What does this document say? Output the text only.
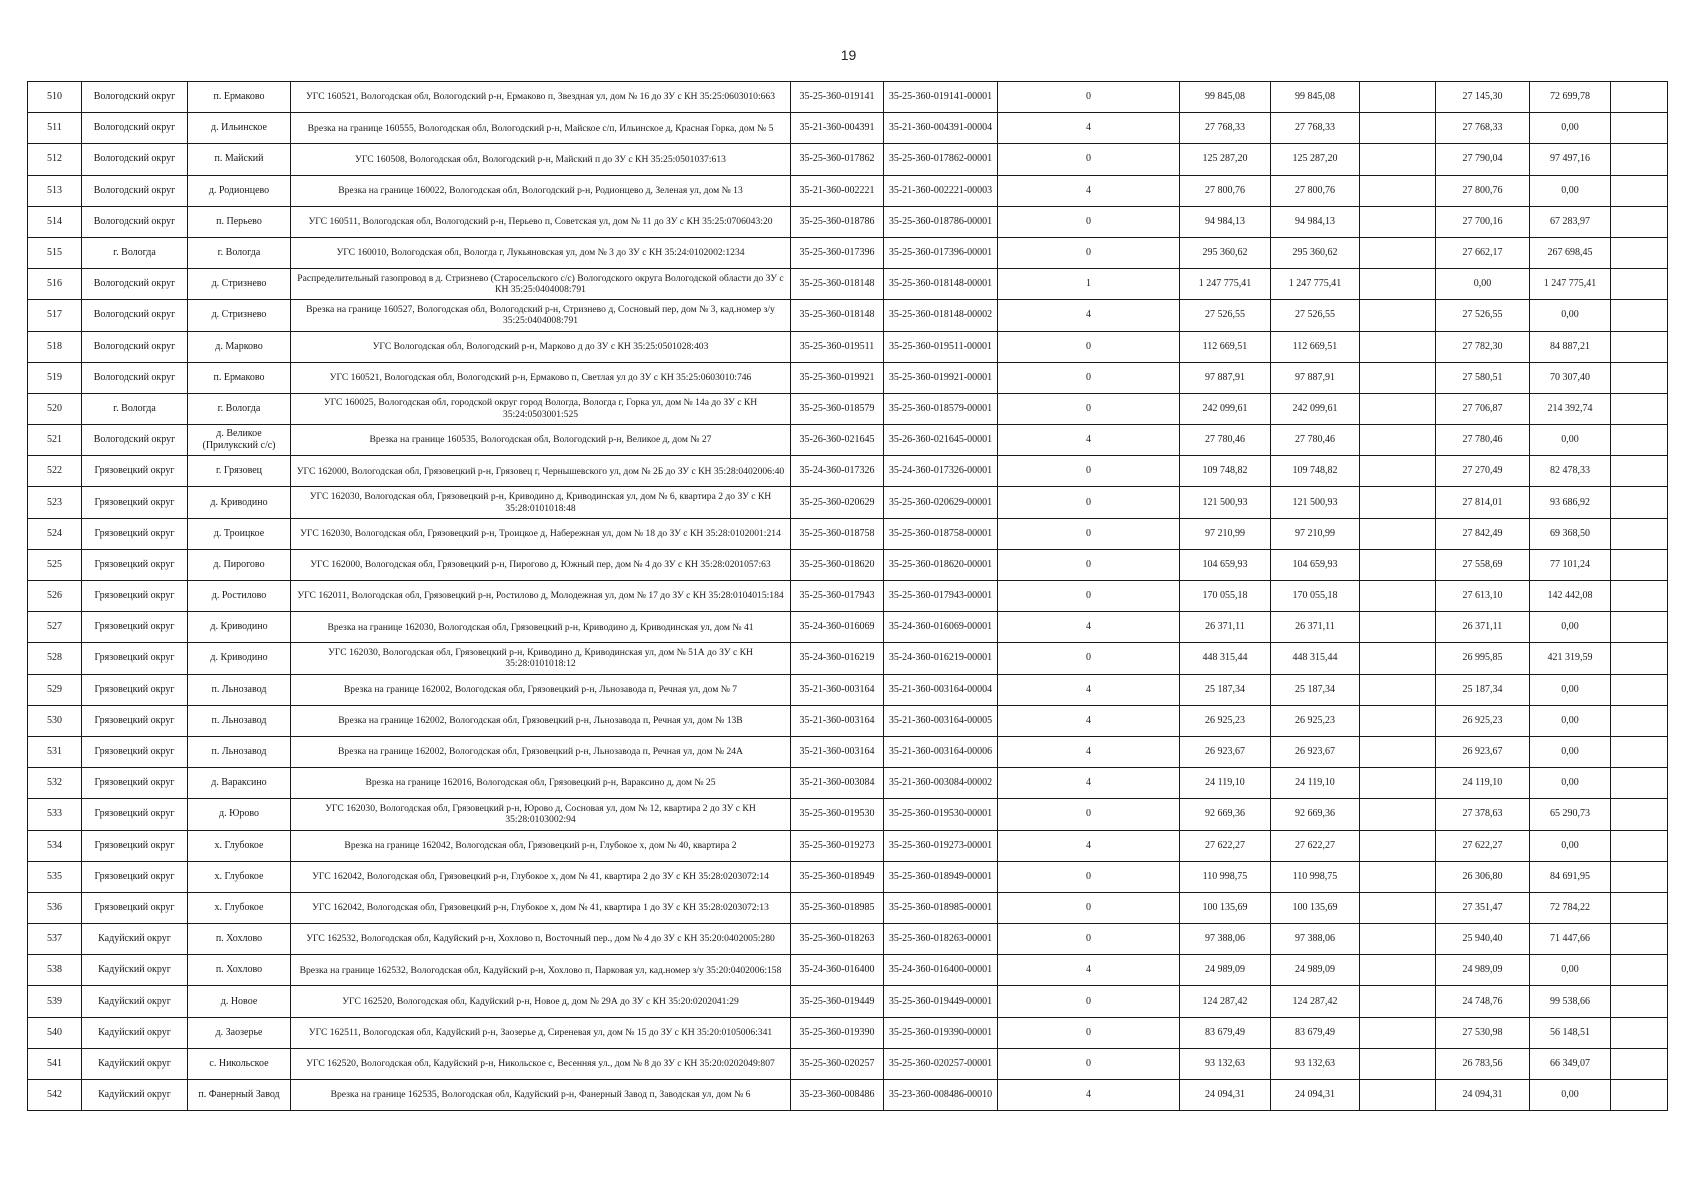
19
510	Вологодский округ	п. Ермаково	УГС 160521, Вологодская обл, Вологодский р-н, Ермаково п, Звездная ул, дом № 16 до ЗУ с КН 35:25:0603010:663	35-25-360-019141	35-25-360-019141-00001	0	99 845,08	99 845,08		27 145,30	72 699,78	
511	Вологодский округ	д. Ильинское	Врезка на границе 160555, Вологодская обл, Вологодский р-н, Майское с/п, Ильинское д, Красная Горка, дом № 5	35-21-360-004391	35-21-360-004391-00004	4	27 768,33	27 768,33		27 768,33	0,00	
512	Вологодский округ	п. Майский	УГС 160508, Вологодская обл, Вологодский р-н, Майский п до ЗУ с КН 35:25:0501037:613	35-25-360-017862	35-25-360-017862-00001	0	125 287,20	125 287,20		27 790,04	97 497,16	
513	Вологодский округ	д. Родионцево	Врезка на границе 160022, Вологодская обл, Вологодский р-н, Родионцево д, Зеленая ул, дом № 13	35-21-360-002221	35-21-360-002221-00003	4	27 800,76	27 800,76		27 800,76	0,00	
514	Вологодский округ	п. Перьево	УГС 160511, Вологодская обл, Вологодский р-н, Перьево п, Советская ул, дом № 11 до ЗУ с КН 35:25:0706043:20	35-25-360-018786	35-25-360-018786-00001	0	94 984,13	94 984,13		27 700,16	67 283,97	
515	г. Вологда	г. Вологда	УГС 160010, Вологодская обл, Вологда г, Лукьяновская ул, дом № 3 до ЗУ с КН 35:24:0102002:1234	35-25-360-017396	35-25-360-017396-00001	0	295 360,62	295 360,62		27 662,17	267 698,45	
516	Вологодский округ	д. Стризнево	Распределительный газопровод в д. Стризнево (Старосельского с/с) Вологодского округа Вологодской области до ЗУ с КН 35:25:0404008:791	35-25-360-018148	35-25-360-018148-00001	1	1 247 775,41	1 247 775,41		0,00	1 247 775,41	
517	Вологодский округ	д. Стризнево	Врезка на границе 160527, Вологодская обл, Вологодский р-н, Стризнево д, Сосновый пер, дом № 3, кад.номер з/у 35:25:0404008:791	35-25-360-018148	35-25-360-018148-00002	4	27 526,55	27 526,55		27 526,55	0,00	
518	Вологодский округ	д. Марково	УГС Вологодская обл, Вологодский р-н, Марково д до ЗУ с КН 35:25:0501028:403	35-25-360-019511	35-25-360-019511-00001	0	112 669,51	112 669,51		27 782,30	84 887,21	
519	Вологодский округ	п. Ермаково	УГС 160521, Вологодская обл, Вологодский р-н, Ермаково п, Светлая ул до ЗУ с КН 35:25:0603010:746	35-25-360-019921	35-25-360-019921-00001	0	97 887,91	97 887,91		27 580,51	70 307,40	
520	г. Вологда	г. Вологда	УГС 160025, Вологодская обл, городской округ город Вологда, Вологда г, Горка ул, дом № 14а до ЗУ с КН 35:24:0503001:525	35-25-360-018579	35-25-360-018579-00001	0	242 099,61	242 099,61		27 706,87	214 392,74	
521	Вологодский округ	д. Великое (Прилукский с/с)	Врезка на границе 160535, Вологодская обл, Вологодский р-н, Великое д, дом № 27	35-26-360-021645	35-26-360-021645-00001	4	27 780,46	27 780,46		27 780,46	0,00	
522	Грязовецкий округ	г. Грязовец	УГС 162000, Вологодская обл, Грязовецкий р-н, Грязовец г, Чернышевского ул, дом № 2Б до ЗУ с КН 35:28:0402006:40	35-24-360-017326	35-24-360-017326-00001	0	109 748,82	109 748,82		27 270,49	82 478,33	
523	Грязовецкий округ	д. Криводино	УГС 162030, Вологодская обл, Грязовецкий р-н, Криводино д, Криводинская ул, дом № 6, квартира 2 до ЗУ с КН 35:28:0101018:48	35-25-360-020629	35-25-360-020629-00001	0	121 500,93	121 500,93		27 814,01	93 686,92	
524	Грязовецкий округ	д. Троицкое	УГС 162030, Вологодская обл, Грязовецкий р-н, Троицкое д, Набережная ул, дом № 18 до ЗУ с КН 35:28:0102001:214	35-25-360-018758	35-25-360-018758-00001	0	97 210,99	97 210,99		27 842,49	69 368,50	
525	Грязовецкий округ	д. Пирогово	УГС 162000, Вологодская обл, Грязовецкий р-н, Пирогово д, Южный пер, дом № 4 до ЗУ с КН 35:28:0201057:63	35-25-360-018620	35-25-360-018620-00001	0	104 659,93	104 659,93		27 558,69	77 101,24	
526	Грязовецкий округ	д. Ростилово	УГС 162011, Вологодская обл, Грязовецкий р-н, Ростилово д, Молодежная ул, дом № 17 до ЗУ с КН 35:28:0104015:184	35-25-360-017943	35-25-360-017943-00001	0	170 055,18	170 055,18		27 613,10	142 442,08	
527	Грязовецкий округ	д. Криводино	Врезка на границе 162030, Вологодская обл, Грязовецкий р-н, Криводино д, Криводинская ул, дом № 41	35-24-360-016069	35-24-360-016069-00001	4	26 371,11	26 371,11		26 371,11	0,00	
528	Грязовецкий округ	д. Криводино	УГС 162030, Вологодская обл, Грязовецкий р-н, Криводино д, Криводинская ул, дом № 51А до ЗУ с КН 35:28:0101018:12	35-24-360-016219	35-24-360-016219-00001	0	448 315,44	448 315,44		26 995,85	421 319,59	
529	Грязовецкий округ	п. Льнозавод	Врезка на границе 162002, Вологодская обл, Грязовецкий р-н, Льнозавода п, Речная ул, дом № 7	35-21-360-003164	35-21-360-003164-00004	4	25 187,34	25 187,34		25 187,34	0,00	
530	Грязовецкий округ	п. Льнозавод	Врезка на границе 162002, Вологодская обл, Грязовецкий р-н, Льнозавода п, Речная ул, дом № 13В	35-21-360-003164	35-21-360-003164-00005	4	26 925,23	26 925,23		26 925,23	0,00	
531	Грязовецкий округ	п. Льнозавод	Врезка на границе 162002, Вологодская обл, Грязовецкий р-н, Льнозавода п, Речная ул, дом № 24А	35-21-360-003164	35-21-360-003164-00006	4	26 923,67	26 923,67		26 923,67	0,00	
532	Грязовецкий округ	д. Вараксино	Врезка на границе 162016, Вологодская обл, Грязовецкий р-н, Вараксино д, дом № 25	35-21-360-003084	35-21-360-003084-00002	4	24 119,10	24 119,10		24 119,10	0,00	
533	Грязовецкий округ	д. Юрово	УГС 162030, Вологодская обл, Грязовецкий р-н, Юрово д, Сосновая ул, дом № 12, квартира 2 до ЗУ с КН 35:28:0103002:94	35-25-360-019530	35-25-360-019530-00001	0	92 669,36	92 669,36		27 378,63	65 290,73	
534	Грязовецкий округ	х. Глубокое	Врезка на границе 162042, Вологодская обл, Грязовецкий р-н, Глубокое х, дом № 40, квартира 2	35-25-360-019273	35-25-360-019273-00001	4	27 622,27	27 622,27		27 622,27	0,00	
535	Грязовецкий округ	х. Глубокое	УГС 162042, Вологодская обл, Грязовецкий р-н, Глубокое х, дом № 41, квартира 2 до ЗУ с КН 35:28:0203072:14	35-25-360-018949	35-25-360-018949-00001	0	110 998,75	110 998,75		26 306,80	84 691,95	
536	Грязовецкий округ	х. Глубокое	УГС 162042, Вологодская обл, Грязовецкий р-н, Глубокое х, дом № 41, квартира 1 до ЗУ с КН 35:28:0203072:13	35-25-360-018985	35-25-360-018985-00001	0	100 135,69	100 135,69		27 351,47	72 784,22	
537	Кадуйский округ	п. Хохлово	УГС 162532, Вологодская обл, Кадуйский р-н, Хохлово п, Восточный пер., дом № 4 до ЗУ с КН 35:20:0402005:280	35-25-360-018263	35-25-360-018263-00001	0	97 388,06	97 388,06		25 940,40	71 447,66	
538	Кадуйский округ	п. Хохлово	Врезка на границе 162532, Вологодская обл, Кадуйский р-н, Хохлово п, Парковая ул, кад.номер з/у 35:20:0402006:158	35-24-360-016400	35-24-360-016400-00001	4	24 989,09	24 989,09		24 989,09	0,00	
539	Кадуйский округ	д. Новое	УГС 162520, Вологодская обл, Кадуйский р-н, Новое д, дом № 29А до ЗУ с КН 35:20:0202041:29	35-25-360-019449	35-25-360-019449-00001	0	124 287,42	124 287,42		24 748,76	99 538,66	
540	Кадуйский округ	д. Заозерье	УГС 162511, Вологодская обл, Кадуйский р-н, Заозерье д, Сиреневая ул, дом № 15 до ЗУ с КН 35:20:0105006:341	35-25-360-019390	35-25-360-019390-00001	0	83 679,49	83 679,49		27 530,98	56 148,51	
541	Кадуйский округ	с. Никольское	УГС 162520, Вологодская обл, Кадуйский р-н, Никольское с, Весенняя ул., дом № 8 до ЗУ с КН 35:20:0202049:807	35-25-360-020257	35-25-360-020257-00001	0	93 132,63	93 132,63		26 783,56	66 349,07	
542	Кадуйский округ	п. Фанерный Завод	Врезка на границе 162535, Вологодская обл, Кадуйский р-н, Фанерный Завод п, Заводская ул, дом № 6	35-23-360-008486	35-23-360-008486-00010	4	24 094,31	24 094,31		24 094,31	0,00	
